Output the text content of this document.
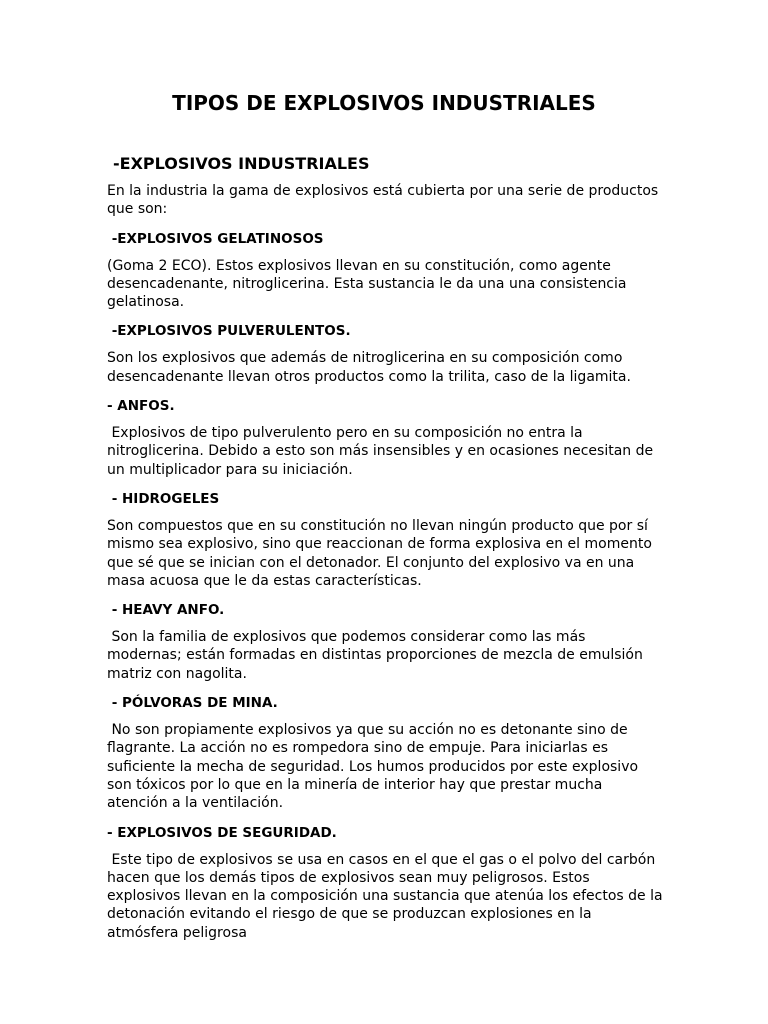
TIPOS DE EXPLOSIVOS INDUSTRIALES
-EXPLOSIVOS INDUSTRIALES

En la industria la gama de explosivos está cubierta por una serie de productos que son:

-EXPLOSIVOS GELATINOSOS

(Goma 2 ECO). Estos explosivos llevan en su constitución, como agente desencadenante, nitroglicerina. Esta sustancia le da una una consistencia gelatinosa.

-EXPLOSIVOS PULVERULENTOS.

Son los explosivos que además de nitroglicerina en su composición como desencadenante llevan otros productos como la trilita, caso de la ligamita.

- ANFOS.

Explosivos de tipo pulverulento pero en su composición no entra la nitroglicerina. Debido a esto son más insensibles y en ocasiones necesitan de un multiplicador para su iniciación.

- HIDROGELES

Son compuestos que en su constitución no llevan ningún producto que por sí mismo sea explosivo, sino que reaccionan de forma explosiva en el momento que sé que se inician con el detonador. El conjunto del explosivo va en una masa acuosa que le da estas características.

- HEAVY ANFO.

Son la familia de explosivos que podemos considerar como las más modernas; están formadas en distintas proporciones de mezcla de emulsión matriz con nagolita.

- PÓLVORAS DE MINA.

No son propiamente explosivos ya que su acción no es detonante sino de flagrante. La acción no es rompedora sino de empuje. Para iniciarlas es suficiente la mecha de seguridad. Los humos producidos por este explosivo son tóxicos por lo que en la minería de interior hay que prestar mucha atención a la ventilación.

- EXPLOSIVOS DE SEGURIDAD.

Este tipo de explosivos se usa en casos en el que el gas o el polvo del carbón hacen que los demás tipos de explosivos sean muy peligrosos. Estos explosivos llevan en la composición una sustancia que atenúa los efectos de la detonación evitando el riesgo de que se produzcan explosiones en la atmósfera peligrosa
